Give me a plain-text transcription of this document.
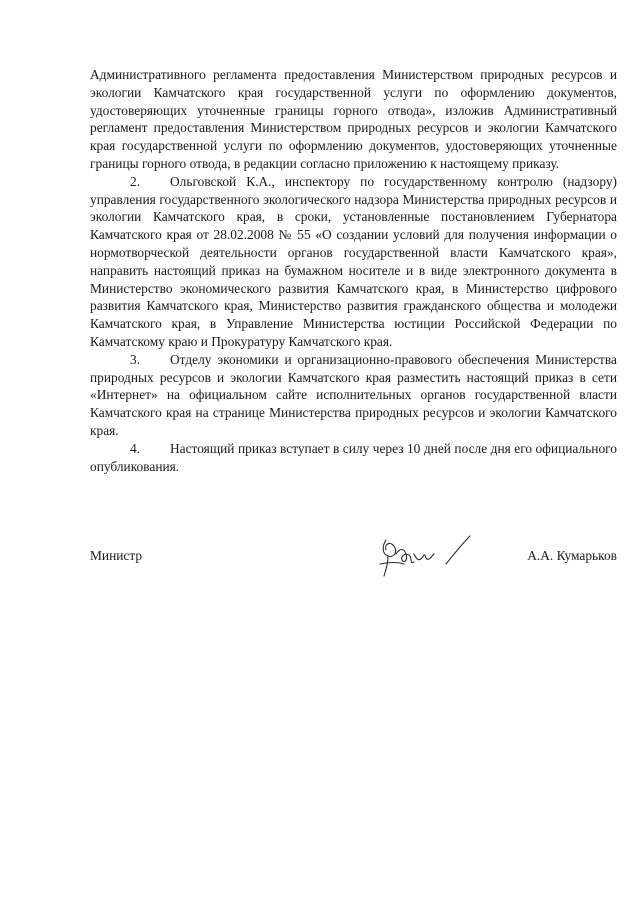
Административного регламента предоставления Министерством природных ресурсов и экологии Камчатского края государственной услуги по оформлению документов, удостоверяющих уточненные границы горного отвода», изложив Административный регламент предоставления Министерством природных ресурсов и экологии Камчатского края государственной услуги по оформлению документов, удостоверяющих уточненные границы горного отвода, в редакции согласно приложению к настоящему приказу.

2. Ольговской К.А., инспектору по государственному контролю (надзору) управления государственного экологического надзора Министерства природных ресурсов и экологии Камчатского края, в сроки, установленные постановлением Губернатора Камчатского края от 28.02.2008 № 55 «О создании условий для получения информации о нормотворческой деятельности органов государственной власти Камчатского края», направить настоящий приказ на бумажном носителе и в виде электронного документа в Министерство экономического развития Камчатского края, в Министерство цифрового развития Камчатского края, Министерство развития гражданского общества и молодежи Камчатского края, в Управление Министерства юстиции Российской Федерации по Камчатскому краю и Прокуратуру Камчатского края.

3. Отделу экономики и организационно-правового обеспечения Министерства природных ресурсов и экологии Камчатского края разместить настоящий приказ в сети «Интернет» на официальном сайте исполнительных органов государственной власти Камчатского края на странице Министерства природных ресурсов и экологии Камчатского края.

4. Настоящий приказ вступает в силу через 10 дней после дня его официального опубликования.

Министр	А.А. Кумарьков
